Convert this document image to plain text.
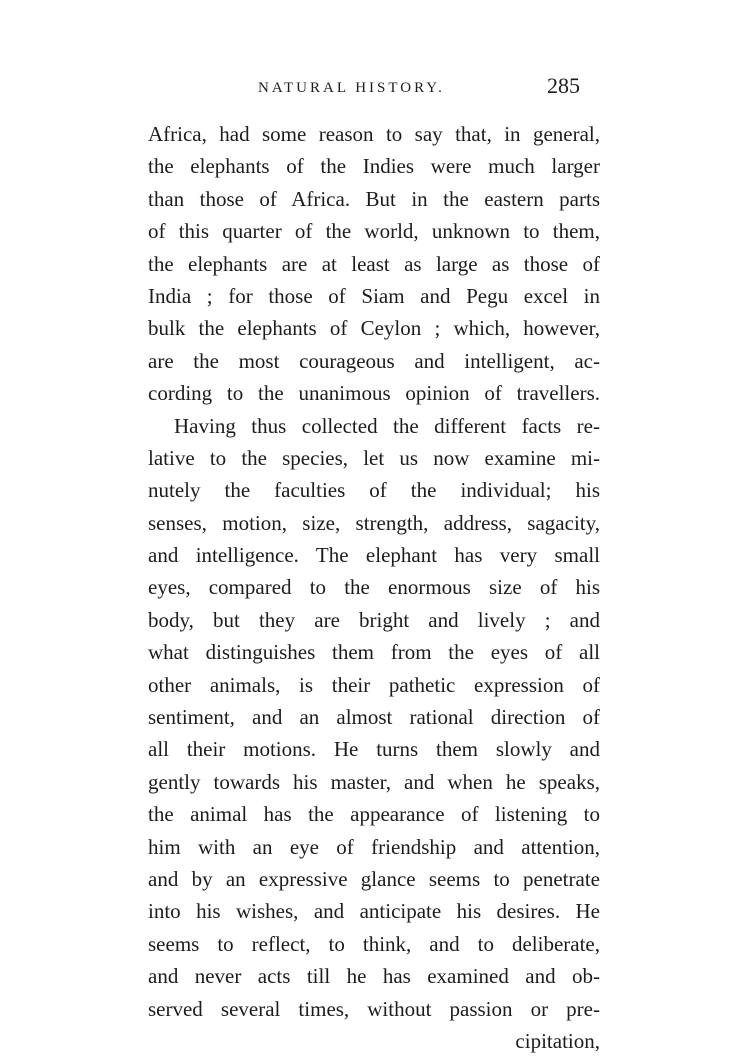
NATURAL HISTORY.	285
Africa, had some reason to say that, in general,
the elephants of the Indies were much larger
than those of Africa. But in the eastern parts
of this quarter of the world, unknown to them,
the elephants are at least as large as those of
India ; for those of Siam and Pegu excel in
bulk the elephants of Ceylon ; which, however,
are the most courageous and intelligent, ac-
cording to the unanimous opinion of travellers.
Having thus collected the different facts re-
lative to the species, let us now examine mi-
nutely the faculties of the individual; his
senses, motion, size, strength, address, sagacity,
and intelligence. The elephant has very small
eyes, compared to the enormous size of his
body, but they are bright and lively ; and
what distinguishes them from the eyes of all
other animals, is their pathetic expression of
sentiment, and an almost rational direction of
all their motions. He turns them slowly and
gently towards his master, and when he speaks,
the animal has the appearance of listening to
him with an eye of friendship and attention,
and by an expressive glance seems to penetrate
into his wishes, and anticipate his desires. He
seems to reflect, to think, and to deliberate,
and never acts till he has examined and ob-
served several times, without passion or pre-
cipitation,
